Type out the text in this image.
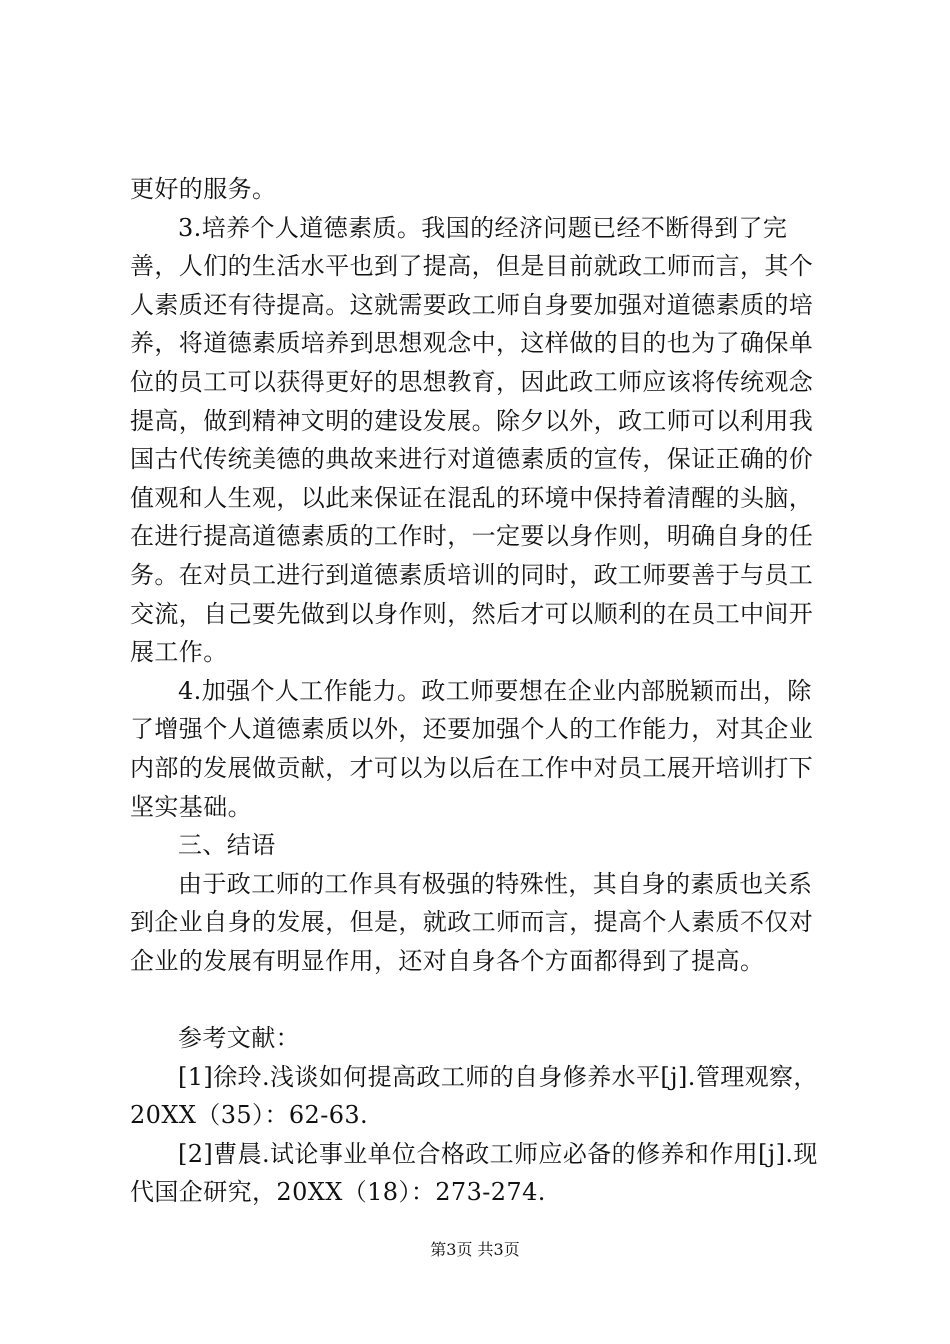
更好的服务。

3.培养个人道德素质。我国的经济问题已经不断得到了完善，人们的生活水平也到了提高，但是目前就政工师而言，其个人素质还有待提高。这就需要政工师自身要加强对道德素质的培养，将道德素质培养到思想观念中，这样做的目的也为了确保单位的员工可以获得更好的思想教育，因此政工师应该将传统观念提高，做到精神文明的建设发展。除夕以外，政工师可以利用我国古代传统美德的典故来进行对道德素质的宣传，保证正确的价值观和人生观，以此来保证在混乱的环境中保持着清醒的头脑，在进行提高道德素质的工作时，一定要以身作则，明确自身的任务。在对员工进行到道德素质培训的同时，政工师要善于与员工交流，自己要先做到以身作则，然后才可以顺利的在员工中间开展工作。

4.加强个人工作能力。政工师要想在企业内部脱颖而出，除了增强个人道德素质以外，还要加强个人的工作能力，对其企业内部的发展做贡献，才可以为以后在工作中对员工展开培训打下坚实基础。

三、结语

由于政工师的工作具有极强的特殊性，其自身的素质也关系到企业自身的发展，但是，就政工师而言，提高个人素质不仅对企业的发展有明显作用，还对自身各个方面都得到了提高。

参考文献：

[1]徐玲.浅谈如何提高政工师的自身修养水平[j].管理观察，20XX（35）：62-63.

[2]曹晨.试论事业单位合格政工师应必备的修养和作用[j].现代国企研究，20XX（18）：273-274.

第3页 共3页
